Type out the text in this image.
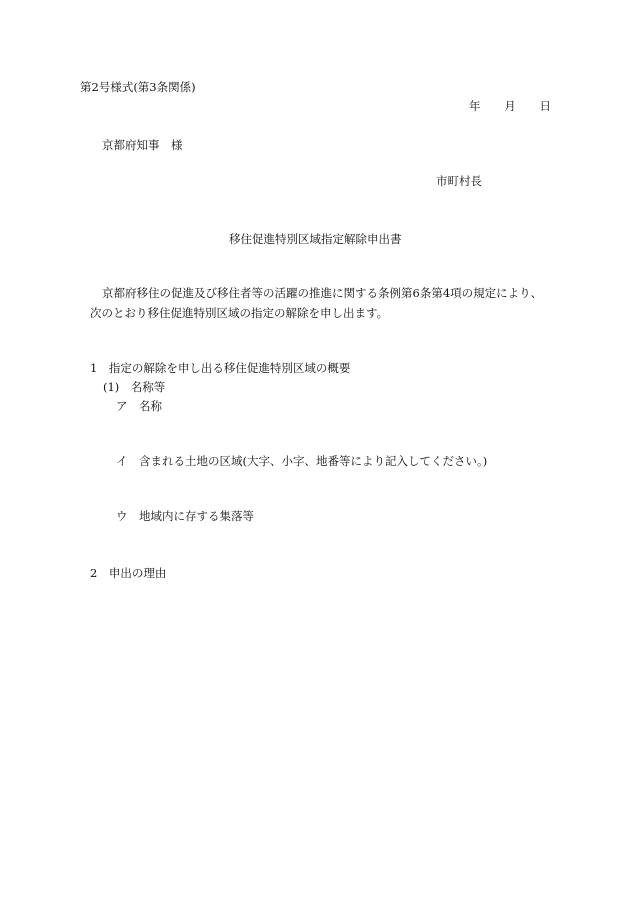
第2号様式(第3条関係)
年 月 日
京都府知事　様
市町村長
移住促進特別区域指定解除申出書
京都府移住の促進及び移住者等の活躍の推進に関する条例第6条第4項の規定により、
次のとおり移住促進特別区域の指定の解除を申し出ます。
1　指定の解除を申し出る移住促進特別区域の概要
(1)　名称等
ア　名称
イ　含まれる土地の区域(大字、小字、地番等により記入してください。)
ウ　地域内に存する集落等
2　申出の理由
